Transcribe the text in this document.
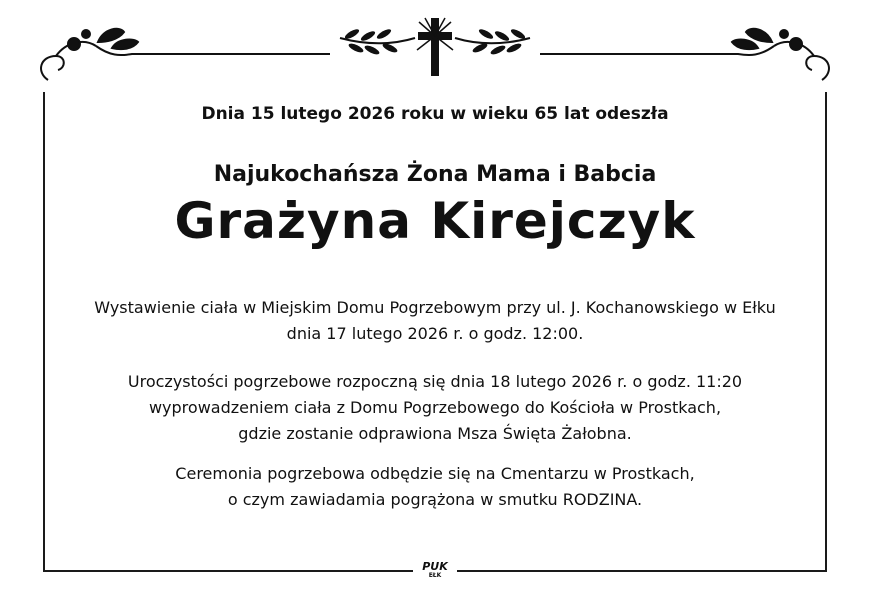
Dnia 15 lutego 2026 roku w wieku 65 lat odeszła
Najukochańsza Żona Mama i Babcia
Grażyna Kirejczyk
Wystawienie ciała w Miejskim Domu Pogrzebowym przy ul. J. Kochanowskiego w Ełku
dnia 17 lutego 2026 r. o godz. 12:00.
Uroczystości pogrzebowe rozpoczną się dnia 18 lutego 2026 r. o godz. 11:20
wyprowadzeniem ciała z Domu Pogrzebowego do Kościoła w Prostkach,
gdzie zostanie odprawiona Msza Święta Żałobna.
Ceremonia pogrzebowa odbędzie się na Cmentarzu w Prostkach,
o czym zawiadamia pogrążona w smutku RODZINA.
PUK
EŁK
